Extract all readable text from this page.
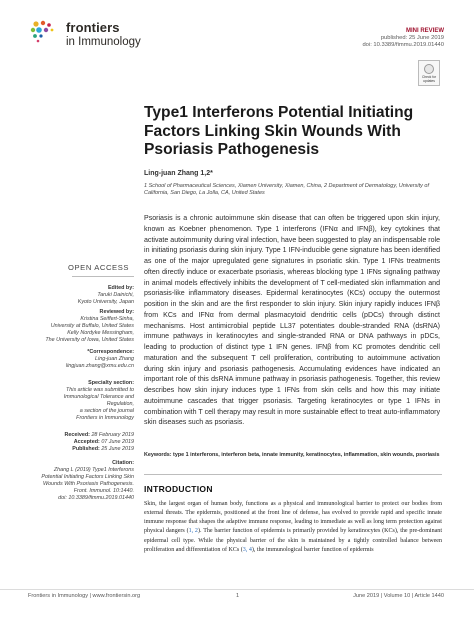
frontiers
in Immunology
MINI REVIEW
published: 25 June 2019
doi: 10.3389/fimmu.2019.01440
Check for updates
Type1 Interferons Potential Initiating Factors Linking Skin Wounds With Psoriasis Pathogenesis
Ling-juan Zhang 1,2*
1 School of Pharmaceutical Sciences, Xiamen University, Xiamen, China, 2 Department of Dermatology, University of California, San Diego, La Jolla, CA, United States
Psoriasis is a chronic autoimmune skin disease that can often be triggered upon skin injury, known as Koebner phenomenon. Type 1 interferons (IFNα and IFNβ), key cytokines that activate autoimmunity during viral infection, have been suggested to play an indispensable role in initiating psoriasis during skin injury. Type 1 IFN-inducible gene signature has been identified as one of the major upregulated gene signatures in psoriatic skin. Type 1 IFNs treatments often directly induce or exacerbate psoriasis, whereas blocking type 1 IFNs signaling pathway in animal models effectively inhibits the development of T cell-mediated skin inflammation and psoriasis-like inflammatory diseases. Epidermal keratinocytes (KCs) occupy the outermost position in the skin and are the first responder to skin injury. Skin injury rapidly induces IFNβ from KCs and IFNα from dermal plasmacytoid dendritic cells (pDCs) through distinct mechanisms. Host antimicrobial peptide LL37 potentiates double-stranded RNA (dsRNA) immune pathways in keratinocytes and single-stranded RNA or DNA pathways in pDCs, leading to production of distinct type 1 IFN genes. IFNβ from KC promotes dendritic cell maturation and the subsequent T cell proliferation, contributing to autoimmune activation during skin injury and psoriasis pathogenesis. Accumulating evidences have indicated an important role of this dsRNA immune pathway in psoriasis pathogenesis. Together, this review describes how skin injury induces type 1 IFNs from skin cells and how this may initiate autoimmune cascades that trigger psoriasis. Targeting keratinocytes or type 1 IFNs in combination with T cell therapy may result in more sustainable effect to treat auto-inflammatory skin diseases such as psoriasis.
Keywords: type 1 interferons, interferon beta, innate immunity, keratinocytes, inflammation, skin wounds, psoriasis
INTRODUCTION
Skin, the largest organ of human body, functions as a physical and immunological barrier to protect our bodies from external threats. The epidermis, positioned at the front line of defense, has evolved to provide rapid and specific innate immune response that shapes the adaptive immune response, leading to immediate as well as long term protection against physical dangers (1, 2). The barrier function of epidermis is primarily provided by keratinocytes (KCs), the pre-dominant epidermal cell type. While the physical barrier of the skin is maintained by a tightly controlled balance between proliferation and differentiation of KCs (3, 4), the immunological barrier function of epidermis
OPEN ACCESS
Edited by:
Taruki Dainichi,
Kyoto University, Japan
Reviewed by:
Kristina Seiffert-Sinha,
University at Buffalo, United States
Kelly Nordyke Messingham,
The University of Iowa, United States
*Correspondence:
Ling-juan Zhang
lingjuan.zhang@xmu.edu.cn
Specialty section:
This article was submitted to
Immunological Tolerance and
Regulation,
a section of the journal
Frontiers in Immunology
Received: 28 February 2019
Accepted: 07 June 2019
Published: 25 June 2019
Citation:
Zhang L (2019) Type1 Interferons
Potential Initiating Factors Linking Skin
Wounds With Psoriasis Pathogenesis.
Front. Immunol. 10:1440.
doi: 10.3389/fimmu.2019.01440
Frontiers in Immunology | www.frontiersin.org	1	June 2019 | Volume 10 | Article 1440
